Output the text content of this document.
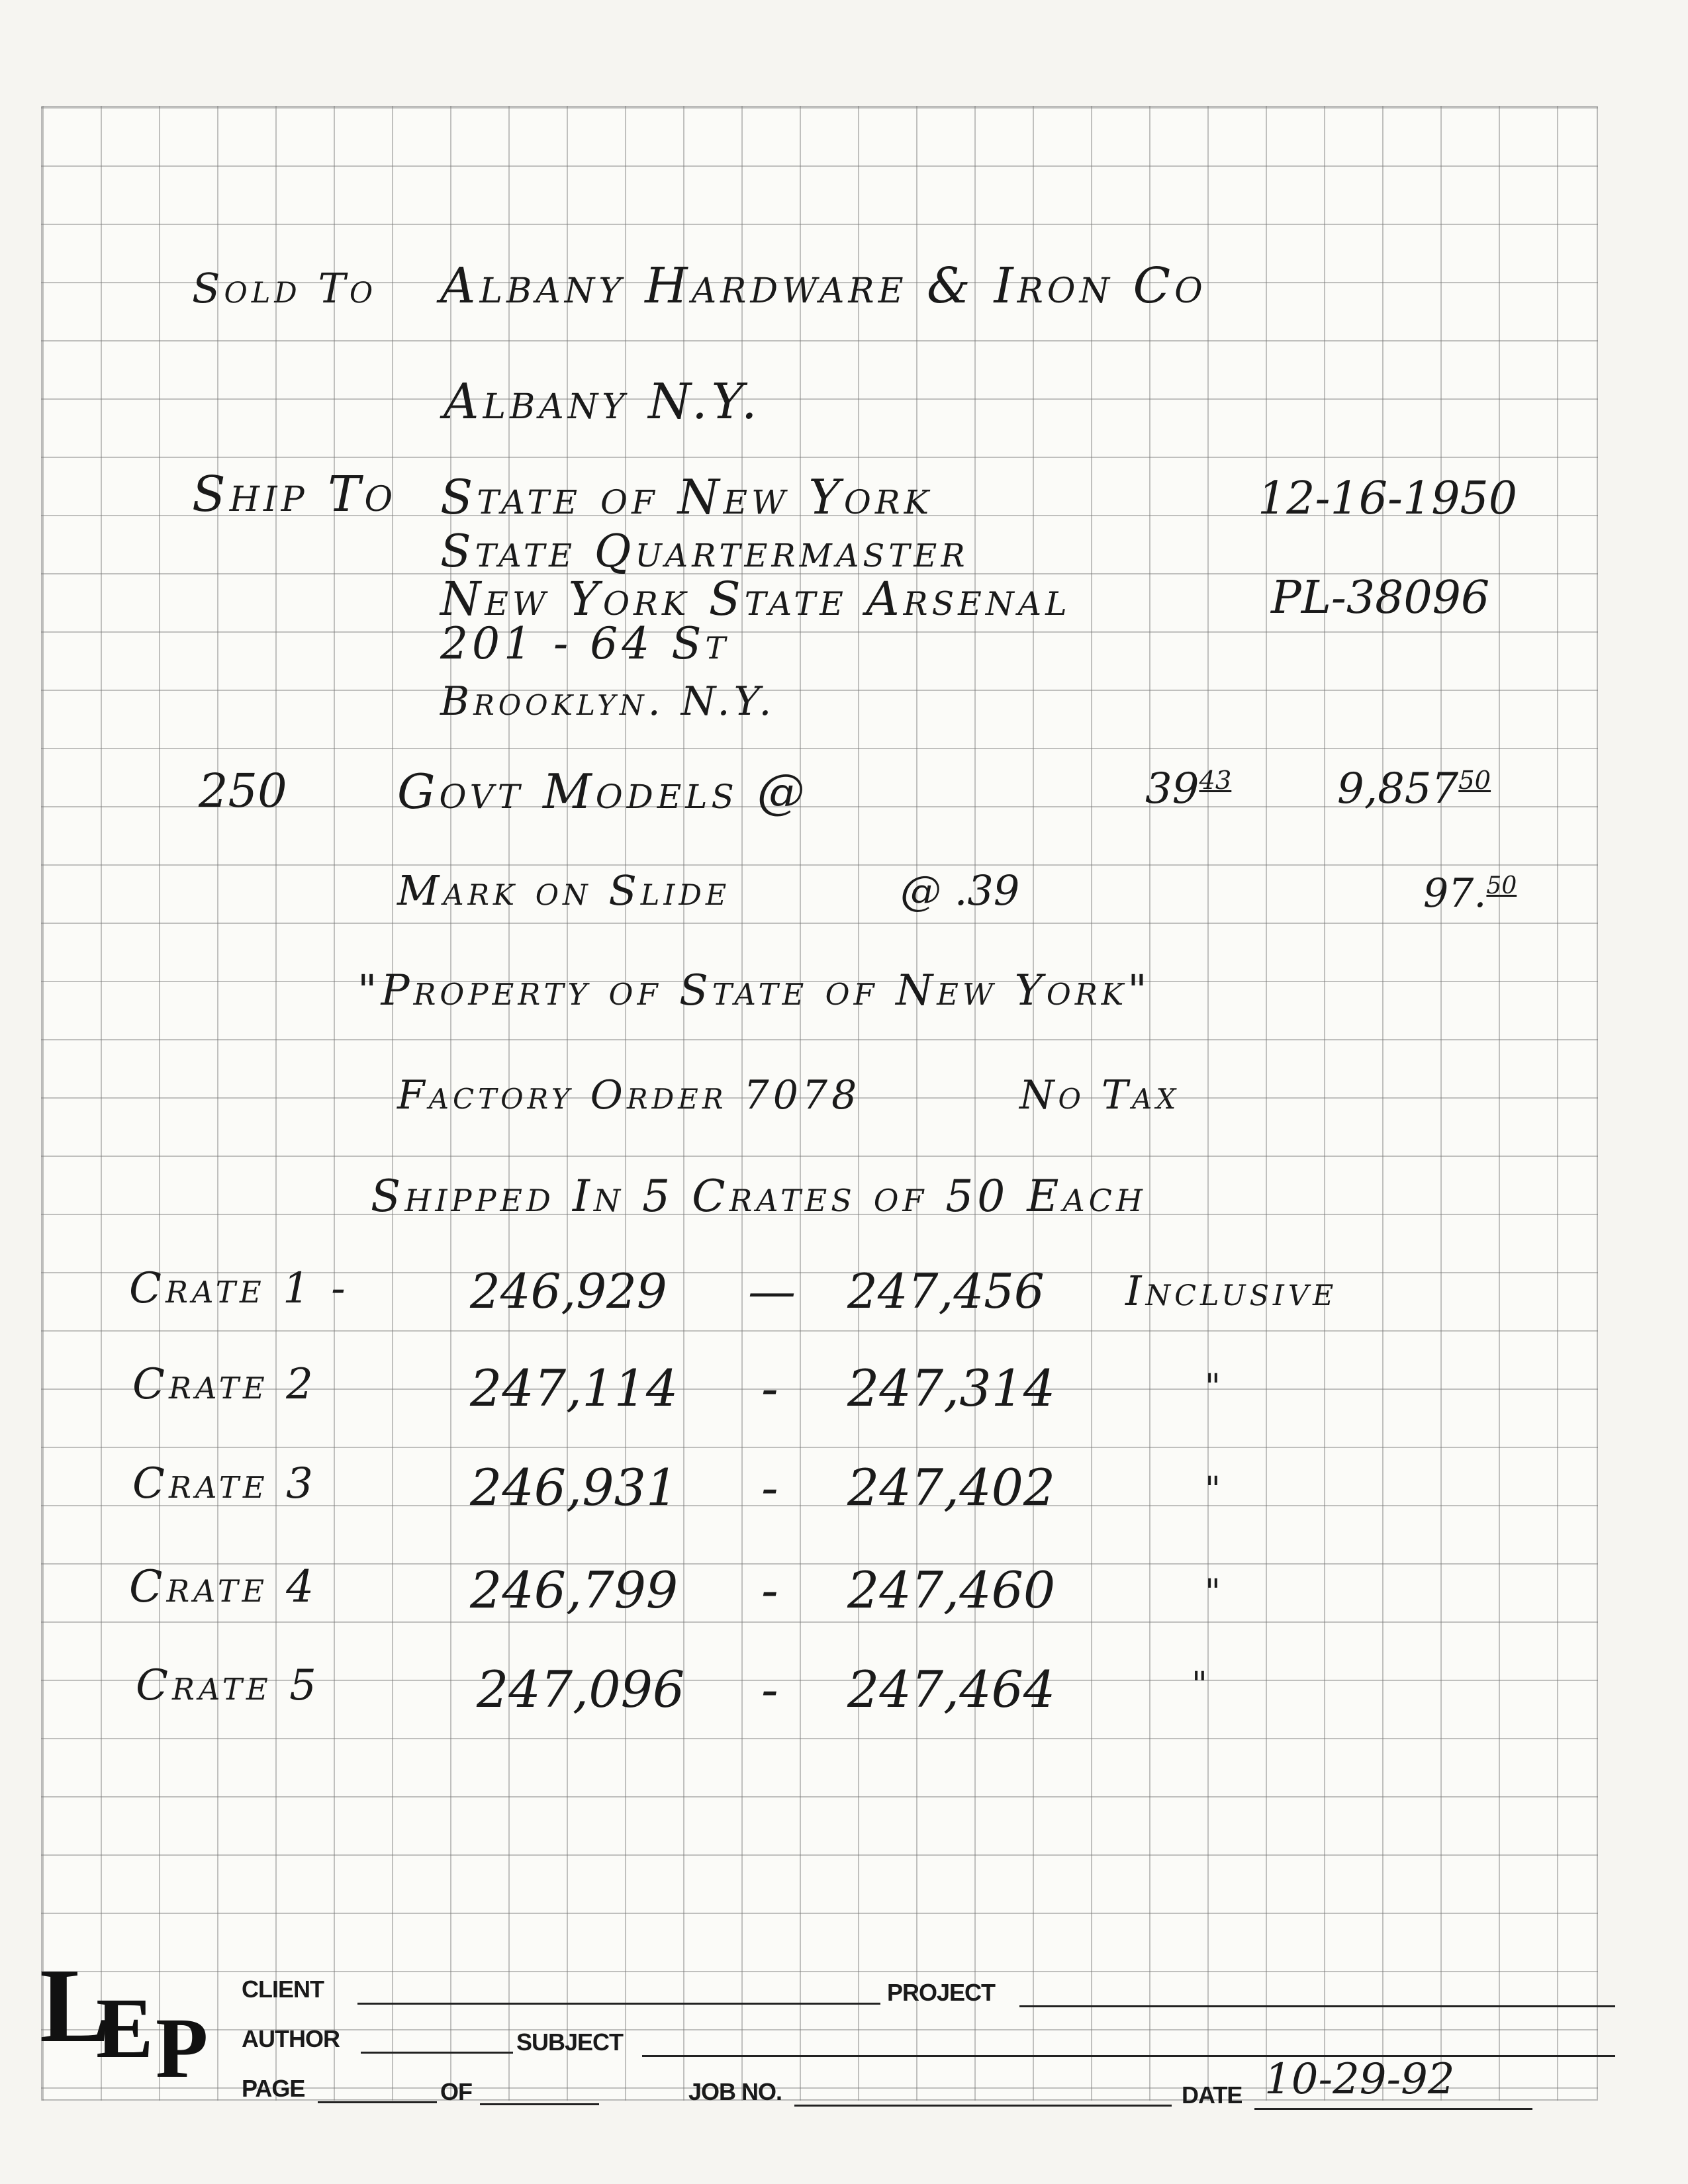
Sold To Albany Hardware & Iron Co
Albany N.Y.
Ship To State of New York	12-16-1950
State Quartermaster
New York State Arsenal	PL-38096
201 - 64 St
Brooklyn. N.Y.
250 Govt Models @	$39^{43}$ 9,857$^{50}$
Mark on Slide	@ .39	97.50
"Property of State of New York"
Factory Order 7078	No Tax
Shipped In 5 Crates of 50 Each
Crate 1 -	246,929 — 247,456 Inclusive
Crate 2	247,114 - 247,314	"
Crate 3	246,931 - 247,402	"
Crate 4	246,799 - 247,460	"
Crate 5	247,096 - 247,464	"
L
E P
CLIENT	PROJECT
AUTHOR	SUBJECT
PAGE	OF	JOB NO.	DATE 10-29-92
